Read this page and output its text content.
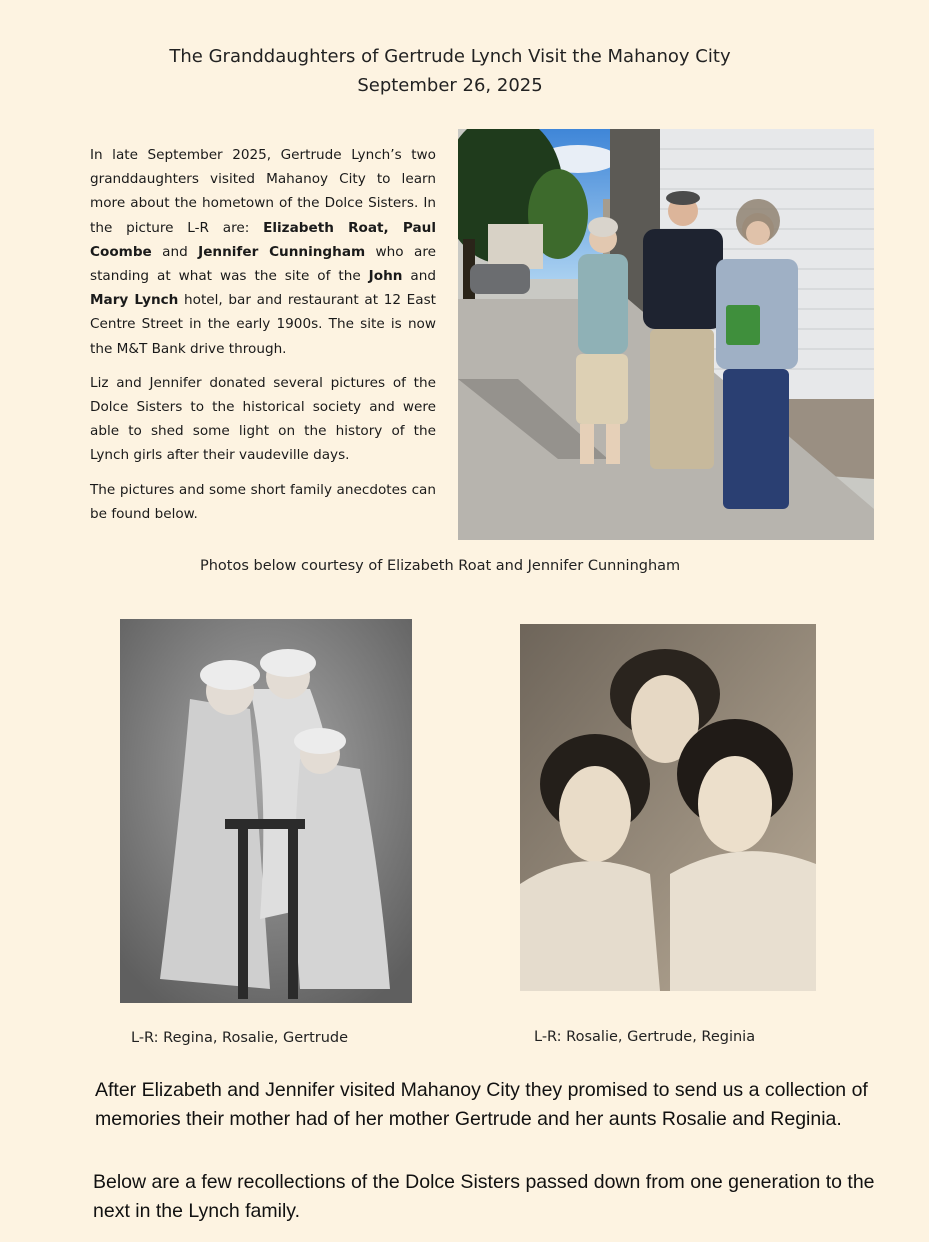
The Granddaughters of Gertrude Lynch Visit the Mahanoy City
September 26, 2025

In late September 2025, Gertrude Lynch’s two granddaughters visited Mahanoy City to learn more about the hometown of the Dolce Sisters. In the picture L-R are: Elizabeth Roat, Paul Coombe and Jennifer Cunningham who are standing at what was the site of the John and Mary Lynch hotel, bar and restaurant at 12 East Centre Street in the early 1900s. The site is now the M&T Bank drive through.

Liz and Jennifer donated several pictures of the Dolce Sisters to the historical society and were able to shed some light on the history of the Lynch girls after their vaudeville days.

The pictures and some short family anecdotes can be found below.

Photos below courtesy of Elizabeth Roat and Jennifer Cunningham
L-R: Regina, Rosalie, Gertrude	L-R: Rosalie, Gertrude, Reginia

After Elizabeth and Jennifer visited Mahanoy City they promised to send us a collection of memories their mother had of her mother Gertrude and her aunts Rosalie and Reginia.

Below are a few recollections of the Dolce Sisters passed down from one generation to the next in the Lynch family.
